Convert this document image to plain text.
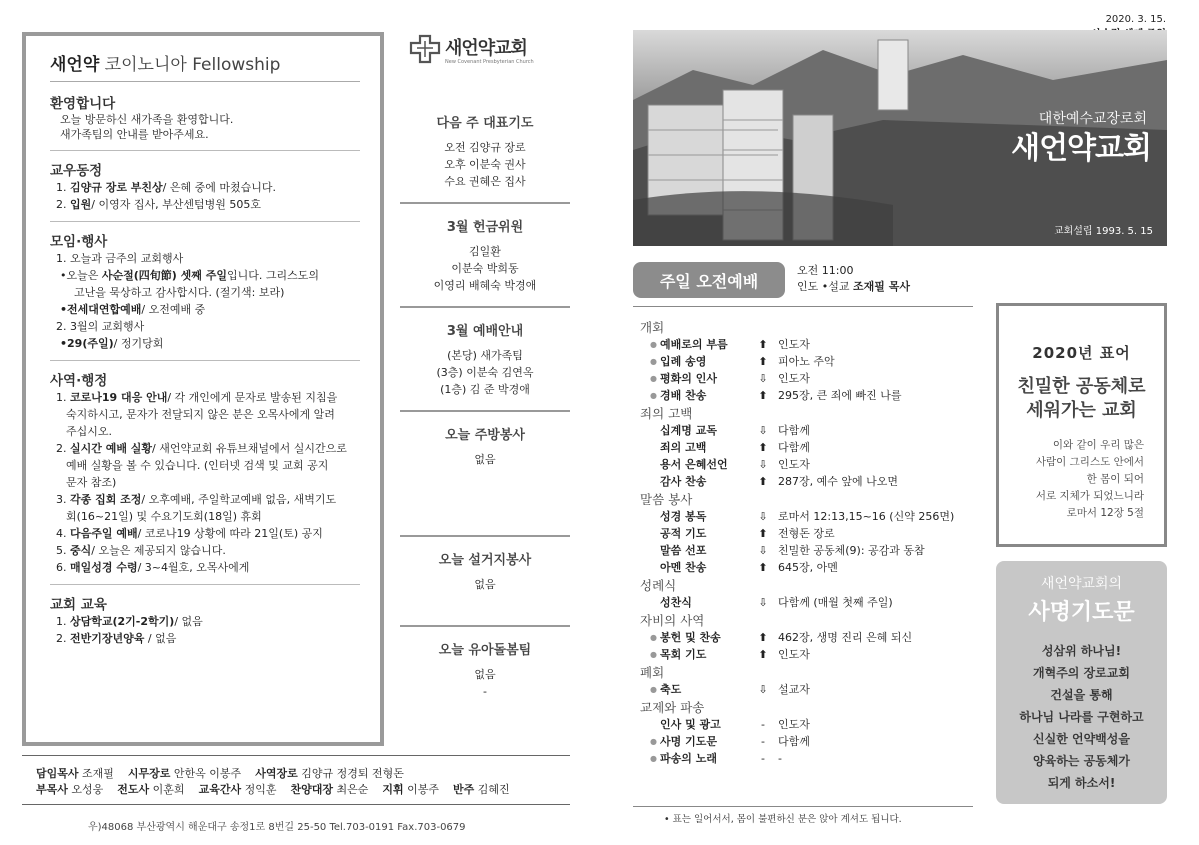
새언약 코이노니아 Fellowship
환영합니다
오늘 방문하신 새가족을 환영합니다.
새가족팀의 안내를 받아주세요.
교우동정
1. 김양규 장로 부친상/ 은혜 중에 마쳤습니다.
2. 입원/ 이영자 집사, 부산센텀병원 505호
모임·행사
1. 오늘과 금주의 교회행사
•오늘은 사순절(四旬節) 셋째 주일입니다. 그리스도의
고난을 묵상하고 감사합시다. (절기색: 보라)
•전세대연합예배/ 오전예배 중
2. 3월의 교회행사
•29(주일)/ 정기당회
사역·행정
1. 코로나19 대응 안내/ 각 개인에게 문자로 발송된 지침을
숙지하시고, 문자가 전달되지 않은 분은 오목사에게 알려
주십시오.
2. 실시간 예배 실황/ 새언약교회 유튜브채널에서 실시간으로
예배 실황을 볼 수 있습니다. (인터넷 검색 및 교회 공지
문자 참조)
3. 각종 집회 조정/ 오후예배, 주일학교예배 없음, 새벽기도
회(16~21일) 및 수요기도회(18일) 휴회
4. 다음주일 예배/ 코로나19 상황에 따라 21일(토) 공지
5. 중식/ 오늘은 제공되지 않습니다.
6. 매일성경 수령/ 3~4월호, 오목사에게
교회 교육
1. 상담학교(2기-2학기)/ 없음
2. 전반기장년양육 / 없음
새언약교회
New Covenant Presbyterian Church
다음 주 대표기도
오전 김양규 장로
오후 이분숙 권사
수요 권혜은 집사
3월 헌금위원
김일환
이분숙 박희동
이영리 배혜숙 박경애
3월 예배안내
(본당) 새가족팀
(3층) 이분숙 김연옥
(1층) 김 준 박경애
오늘 주방봉사
없음
오늘 설거지봉사
없음
오늘 유아돌봄팀
없음
-
담임목사 조재필 시무장로 안한옥 이봉주 사역장로 김양규 정경퇴 전형돈
부목사 오성웅 전도사 이훈희 교육간사 정익훈 찬양대장 최은순 지휘 이봉주 반주 김혜진
우)48068 부산광역시 해운대구 송정1로 8번길 25-50 Tel.703-0191 Fax.703-0679
2020. 3. 15.
대한예수교장로회
새언약교회
교회설립 1993. 5. 15
주일 오전예배
오전 11:00
인도 •설교 조재필 목사
개회
● 예배로의 부름	⬆ 인도자
● 입례 송영	⬆ 피아노 주악
● 평화의 인사	⇩ 인도자
● 경배 찬송	⬆ 295장, 큰 죄에 빠진 나를
죄의 고백
십계명 교독	⇩ 다함께
죄의 고백	⬆ 다함께
용서 은혜선언	⇩ 인도자
감사 찬송	⬆ 287장, 예수 앞에 나오면
말씀 봉사
성경 봉독	⇩ 로마서 12:13,15~16 (신약 256면)
공적 기도	⬆ 전형돈 장로
말씀 선포	⇩ 친밀한 공동체(9): 공감과 동참
아멘 찬송	⬆ 645장, 아멘
성례식
성찬식	⇩ 다함께 (매월 첫째 주일)
자비의 사역
● 봉헌 및 찬송	⬆ 462장, 생명 진리 은혜 되신
● 목회 기도	⬆ 인도자
폐회
● 축도	⇩ 설교자
교제와 파송
인사 및 광고	-	인도자
● 사명 기도문	-	다함께
● 파송의 노래	-	-
• 표는 일어서서, 몸이 불편하신 분은 앉아 계셔도 됩니다.
2020년 표어
친밀한 공동체로
세워가는 교회
이와 같이 우리 많은
사람이 그리스도 안에서
한 몸이 되어
서로 지체가 되었느니라
로마서 12장 5절
새언약교회의
사명기도문
성삼위 하나님!
개혁주의 장로교회
건설을 통해
하나님 나라를 구현하고
신실한 언약백성을
양육하는 공동체가
되게 하소서!
